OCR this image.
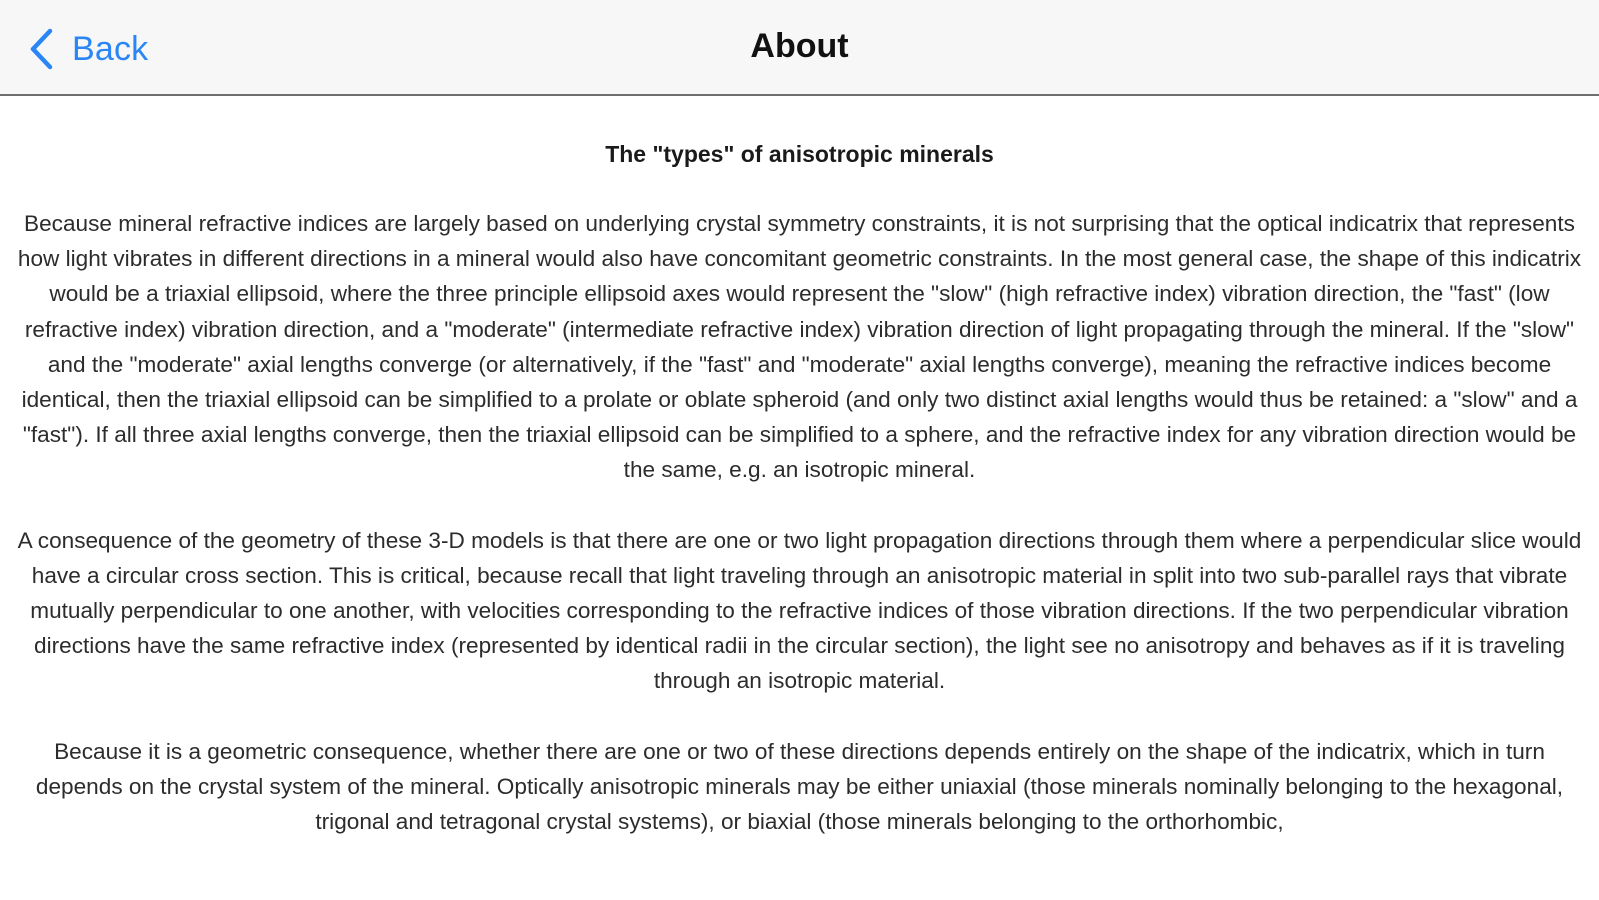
Back	About
The "types" of anisotropic minerals

Because mineral refractive indices are largely based on underlying crystal symmetry constraints, it is not surprising that the optical indicatrix that represents how light vibrates in different directions in a mineral would also have concomitant geometric constraints. In the most general case, the shape of this indicatrix would be a triaxial ellipsoid, where the three principle ellipsoid axes would represent the "slow" (high refractive index) vibration direction, the "fast" (low refractive index) vibration direction, and a "moderate" (intermediate refractive index) vibration direction of light propagating through the mineral. If the "slow" and the "moderate" axial lengths converge (or alternatively, if the "fast" and "moderate" axial lengths converge), meaning the refractive indices become identical, then the triaxial ellipsoid can be simplified to a prolate or oblate spheroid (and only two distinct axial lengths would thus be retained: a "slow" and a "fast"). If all three axial lengths converge, then the triaxial ellipsoid can be simplified to a sphere, and the refractive index for any vibration direction would be the same, e.g. an isotropic mineral.

A consequence of the geometry of these 3-D models is that there are one or two light propagation directions through them where a perpendicular slice would have a circular cross section. This is critical, because recall that light traveling through an anisotropic material in split into two sub-parallel rays that vibrate mutually perpendicular to one another, with velocities corresponding to the refractive indices of those vibration directions. If the two perpendicular vibration directions have the same refractive index (represented by identical radii in the circular section), the light see no anisotropy and behaves as if it is traveling through an isotropic material.

Because it is a geometric consequence, whether there are one or two of these directions depends entirely on the shape of the indicatrix, which in turn depends on the crystal system of the mineral. Optically anisotropic minerals may be either uniaxial (those minerals nominally belonging to the hexagonal, trigonal and tetragonal crystal systems), or biaxial (those minerals belonging to the orthorhombic,
